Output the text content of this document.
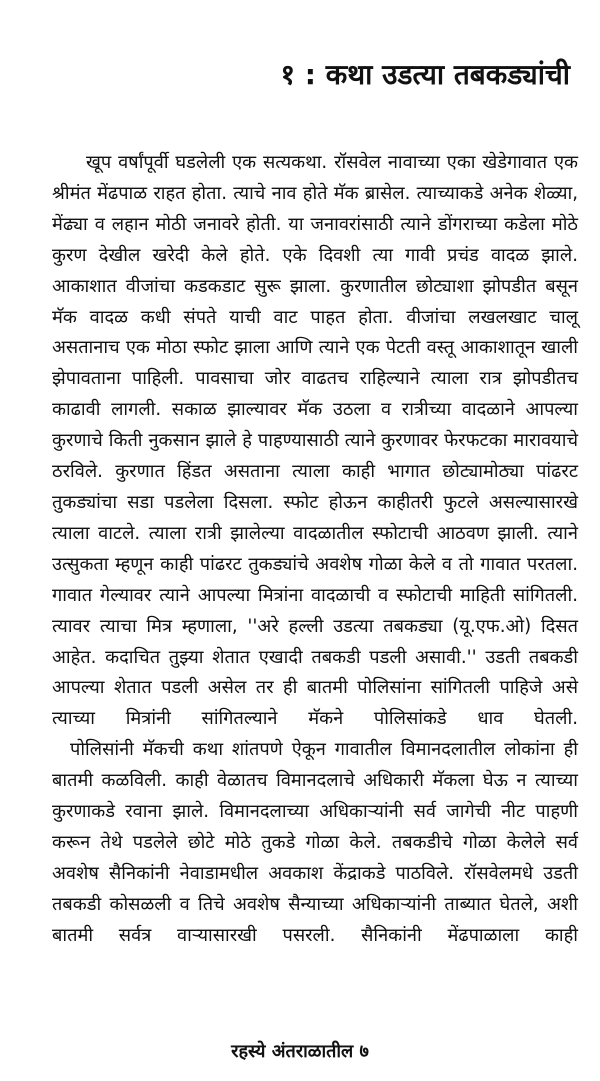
१ : कथा उडत्या तबकड्यांची

खूप वर्षांपूर्वी घडलेली एक सत्यकथा. रॉसवेल नावाच्या एका खेडेगावात एक श्रीमंत मेंढपाळ राहत होता. त्याचे नाव होते मॅक ब्रासेल. त्याच्याकडे अनेक शेळ्या, मेंढ्या व लहान मोठी जनावरे होती. या जनावरांसाठी त्याने डोंगराच्या कडेला मोठे कुरण देखील खरेदी केले होते. एके दिवशी त्या गावी प्रचंड वादळ झाले. आकाशात वीजांचा कडकडाट सुरू झाला. कुरणातील छोट्याशा झोपडीत बसून मॅक वादळ कधी संपते याची वाट पाहत होता. वीजांचा लखलखाट चालू असतानाच एक मोठा स्फोट झाला आणि त्याने एक पेटती वस्तू आकाशातून खाली झेपावताना पाहिली. पावसाचा जोर वाढतच राहिल्याने त्याला रात्र झोपडीतच काढावी लागली. सकाळ झाल्यावर मॅक उठला व रात्रीच्या वादळाने आपल्या कुरणाचे किती नुकसान झाले हे पाहण्यासाठी त्याने कुरणावर फेरफटका मारावयाचे ठरविले. कुरणात हिंडत असताना त्याला काही भागात छोट्यामोठ्या पांढरट तुकड्यांचा सडा पडलेला दिसला. स्फोट होऊन काहीतरी फुटले असल्यासारखे त्याला वाटले. त्याला रात्री झालेल्या वादळातील स्फोटाची आठवण झाली. त्याने उत्सुकता म्हणून काही पांढरट तुकड्यांचे अवशेष गोळा केले व तो गावात परतला. गावात गेल्यावर त्याने आपल्या मित्रांना वादळाची व स्फोटाची माहिती सांगितली. त्यावर त्याचा मित्र म्हणाला, ''अरे हल्ली उडत्या तबकड्या (यू.एफ.ओ) दिसत आहेत. कदाचित तुझ्या शेतात एखादी तबकडी पडली असावी.'' उडती तबकडी आपल्या शेतात पडली असेल तर ही बातमी पोलिसांना सांगितली पाहिजे असे त्याच्या मित्रांनी सांगितल्याने मॅकने पोलिसांकडे धाव घेतली.

पोलिसांनी मॅकची कथा शांतपणे ऐकून गावातील विमानदलातील लोकांना ही बातमी कळविली. काही वेळातच विमानदलाचे अधिकारी मॅकला घेऊ न त्याच्या कुरणाकडे रवाना झाले. विमानदलाच्या अधिकाऱ्यांनी सर्व जागेची नीट पाहणी करून तेथे पडलेले छोटे मोठे तुकडे गोळा केले. तबकडीचे गोळा केलेले सर्व अवशेष सैनिकांनी नेवाडामधील अवकाश केंद्राकडे पाठविले. रॉसवेलमधे उडती तबकडी कोसळली व तिचे अवशेष सैन्याच्या अधिकाऱ्यांनी ताब्यात घेतले, अशी बातमी सर्वत्र वाऱ्यासारखी पसरली. सैनिकांनी मेंढपाळाला काही

रहस्ये अंतराळातील ७
